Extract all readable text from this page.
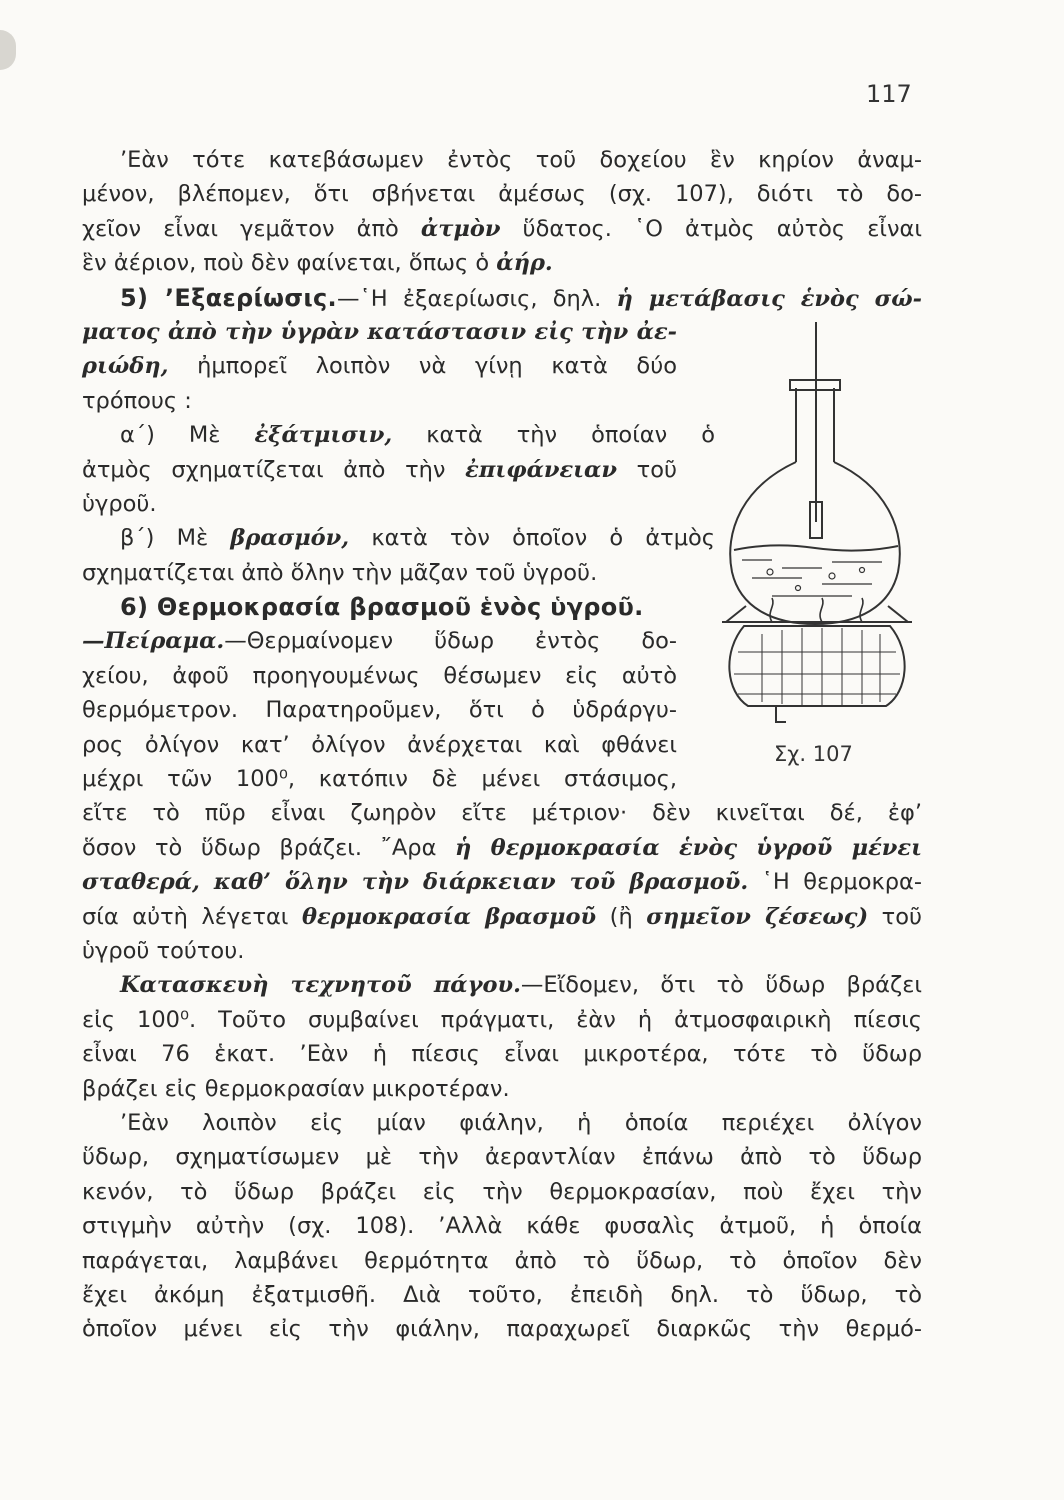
117
’Εὰν τότε κατεβάσωμεν ἐντὸς τοῦ δοχείου ἓν κηρίον ἀναμ-
μένον, βλέπομεν, ὅτι σβήνεται ἀμέσως (σχ. 107), διότι τὸ δο-
χεῖον εἶναι γεμᾶτον ἀπὸ ἀτμὸν ὕδατος. ῾Ο ἀτμὸς αὐτὸς εἶναι
ἓν ἀέριον, ποὺ δὲν φαίνεται, ὅπως ὁ ἀήρ.
5) ’Εξαερίωσις.—῾Η ἐξαερίωσις, δηλ. ἡ μετάβασις ἑνὸς σώ-
ματος ἀπὸ τὴν ὑγρὰν κατάστασιν εἰς τὴν ἀε-
ριώδη, ἠμπορεῖ λοιπὸν νὰ γίνῃ κατὰ δύο
τρόπους :
α΄) Μὲ ἐξάτμισιν, κατὰ τὴν ὁποίαν ὁ
ἀτμὸς σχηματίζεται ἀπὸ τὴν ἐπιφάνειαν τοῦ
ὑγροῦ.
β΄) Μὲ βρασμόν, κατὰ τὸν ὁποῖον ὁ ἀτμὸς
σχηματίζεται ἀπὸ ὅλην τὴν μᾶζαν τοῦ ὑγροῦ.
6) Θερμοκρασία βρασμοῦ ἑνὸς ὑγροῦ.
—Πείραμα.—Θερμαίνομεν ὕδωρ ἐντὸς δο-
χείου, ἀφοῦ προηγουμένως θέσωμεν εἰς αὐτὸ
θερμόμετρον. Παρατηροῦμεν, ὅτι ὁ ὑδράργυ-
ρος ὀλίγον κατ’ ὀλίγον ἀνέρχεται καὶ φθάνει
μέχρι τῶν 100⁰, κατόπιν δὲ μένει στάσιμος,
εἴτε τὸ πῦρ εἶναι ζωηρὸν εἴτε μέτριον· δὲν κινεῖται δέ, ἐφ’
ὅσον τὸ ὕδωρ βράζει. ῎Αρα ἡ θερμοκρασία ἑνὸς ὑγροῦ μένει
σταθερά, καθ’ ὅλην τὴν διάρκειαν τοῦ βρασμοῦ. ῾Η θερμοκρα-
σία αὐτὴ λέγεται θερμοκρασία βρασμοῦ (ἢ σημεῖον ζέσεως) τοῦ
ὑγροῦ τούτου.
Κατασκευὴ τεχνητοῦ πάγου.—Εἴδομεν, ὅτι τὸ ὕδωρ βράζει
εἰς 100⁰. Τοῦτο συμβαίνει πράγματι, ἐὰν ἡ ἀτμοσφαιρικὴ πίεσις
εἶναι 76 ἑκατ. ’Εὰν ἡ πίεσις εἶναι μικροτέρα, τότε τὸ ὕδωρ
βράζει εἰς θερμοκρασίαν μικροτέραν.
’Εὰν λοιπὸν εἰς μίαν φιάλην, ἡ ὁποία περιέχει ὀλίγον
ὕδωρ, σχηματίσωμεν μὲ τὴν ἀεραντλίαν ἐπάνω ἀπὸ τὸ ὕδωρ
κενόν, τὸ ὕδωρ βράζει εἰς τὴν θερμοκρασίαν, ποὺ ἔχει τὴν
στιγμὴν αὐτὴν (σχ. 108). ’Αλλὰ κάθε φυσαλὶς ἀτμοῦ, ἡ ὁποία
παράγεται, λαμβάνει θερμότητα ἀπὸ τὸ ὕδωρ, τὸ ὁποῖον δὲν
ἔχει ἀκόμη ἐξατμισθῆ. Διὰ τοῦτο, ἐπειδὴ δηλ. τὸ ὕδωρ, τὸ
ὁποῖον μένει εἰς τὴν φιάλην, παραχωρεῖ διαρκῶς τὴν θερμό-
Σχ. 107
